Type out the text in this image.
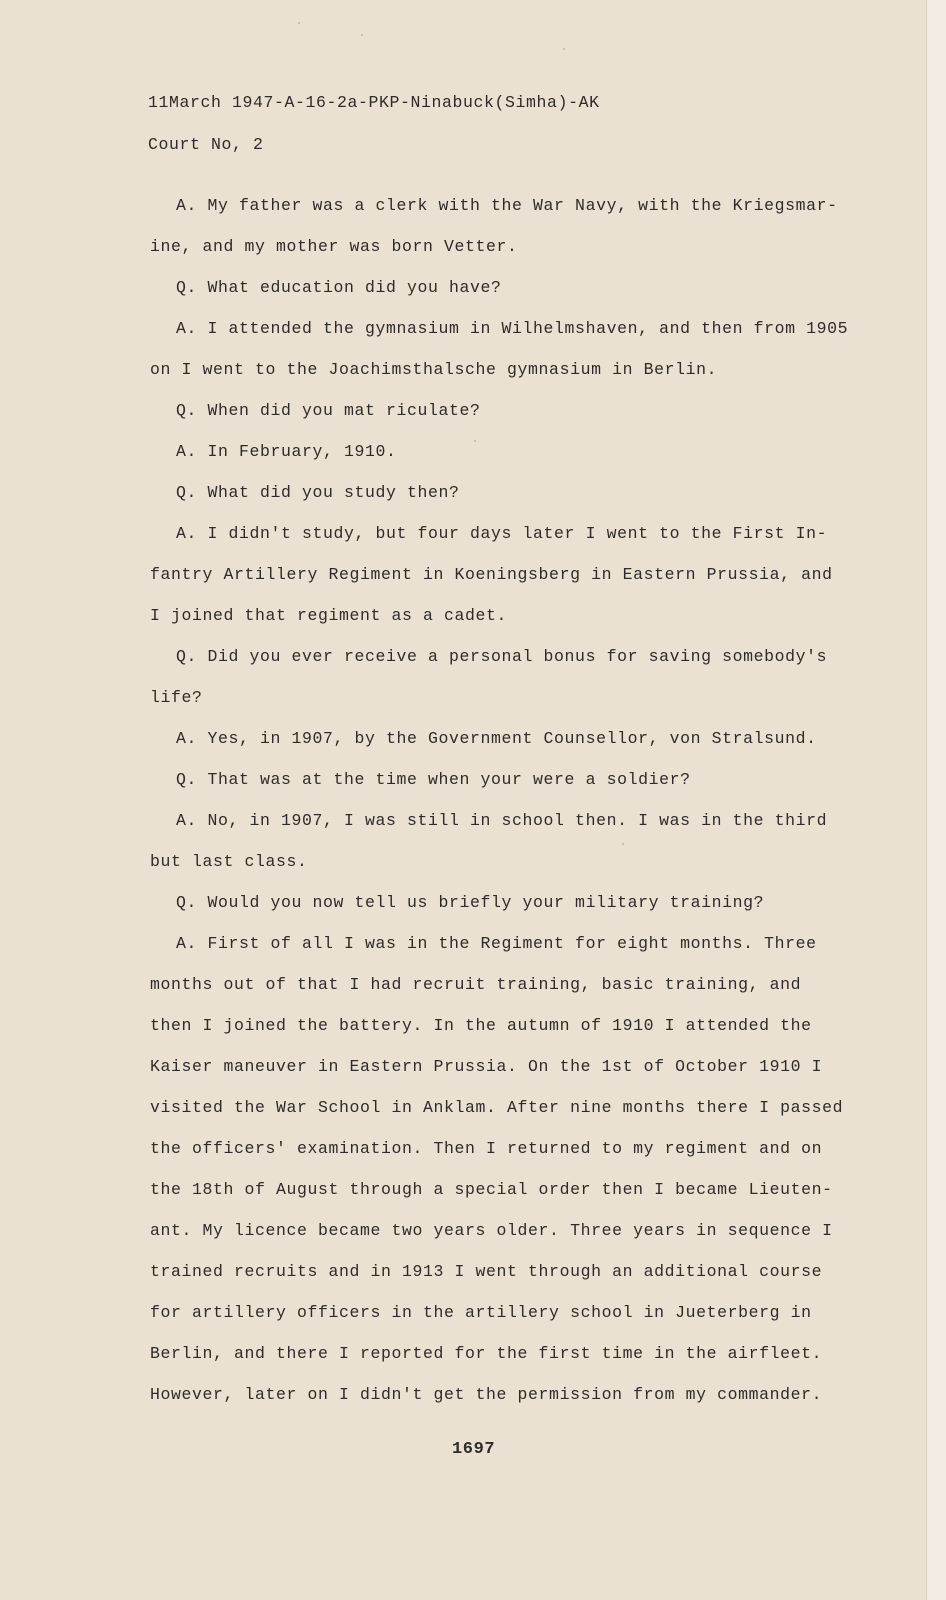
11March 1947-A-16-2a-PKP-Ninabuck(Simha)-AK
Court No, 2
A. My father was a clerk with the War Navy, with the Kriegsmar-
ine, and my mother was born Vetter.
Q. What education did you have?
A. I attended the gymnasium in Wilhelmshaven, and then from 1905
on I went to the Joachimsthalsche gymnasium in Berlin.
Q. When did you mat riculate?
A. In February, 1910.
Q. What did you study then?
A. I didn't study, but four days later I went to the First In-
fantry Artillery Regiment in Koeningsberg in Eastern Prussia, and
I joined that regiment as a cadet.
Q. Did you ever receive a personal bonus for saving somebody's
life?
A. Yes, in 1907, by the Government Counsellor, von Stralsund.
Q. That was at the time when your were a soldier?
A. No, in 1907, I was still in school then. I was in the third
but last class.
Q. Would you now tell us briefly your military training?
A. First of all I was in the Regiment for eight months. Three
months out of that I had recruit training, basic training, and
then I joined the battery. In the autumn of 1910 I attended the
Kaiser maneuver in Eastern Prussia. On the 1st of October 1910 I
visited the War School in Anklam. After nine months there I passed
the officers' examination. Then I returned to my regiment and on
the 18th of August through a special order then I became Lieuten-
ant. My licence became two years older. Three years in sequence I
trained recruits and in 1913 I went through an additional course
for artillery officers in the artillery school in Jueterberg in
Berlin, and there I reported for the first time in the airfleet.
However, later on I didn't get the permission from my commander.
1697
